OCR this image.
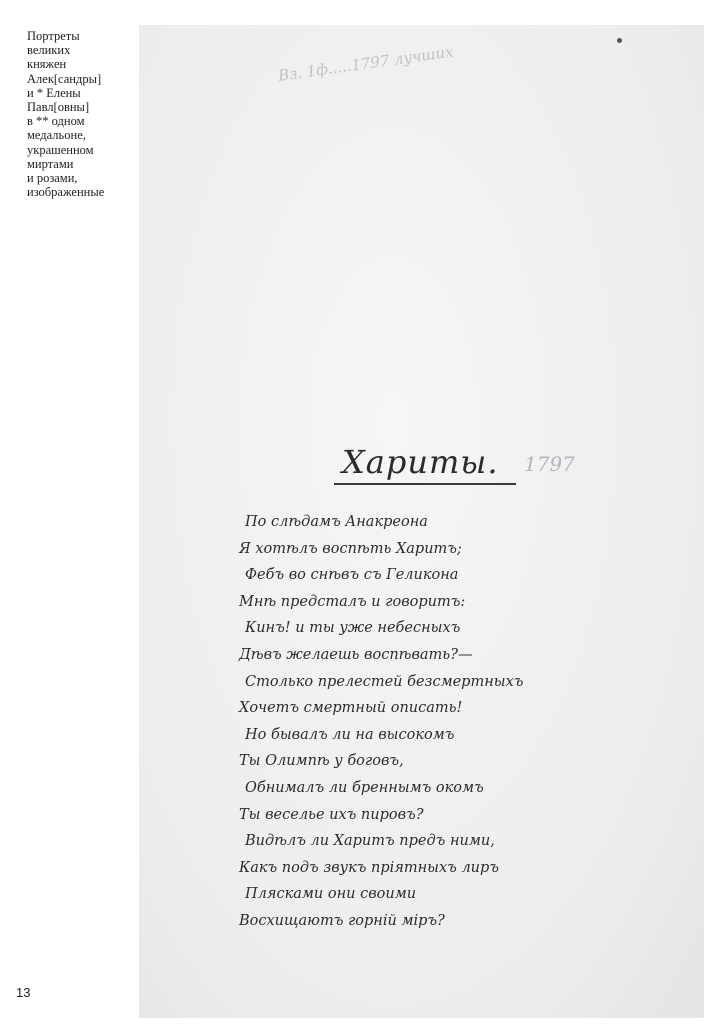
Портреты
великих
княжен
Алек[сандры]
и * Елены
Павл[овны]
в ** одном
медальоне,
украшенном
миртами
и розами,
изображенные
13
Вз. 1ф.....1797 лучших
Хариты. 1797
По слѣдамъ Анакреона
Я хотѣлъ воспѣть Харитъ;
Фебъ во снѣвъ съ Геликона
Мнѣ предсталъ и говоритъ:
Кинъ! и ты уже небесныхъ
Дѣвъ желаешь воспѣвать?—
Столько прелестей безсмертныхъ
Хочетъ смертный описать!
Но бывалъ ли на высокомъ
Ты Олимпѣ у боговъ,
Обнималъ ли бреннымъ окомъ
Ты веселье ихъ пировъ?
Видѣлъ ли Харитъ предъ ними,
Какъ подъ звукъ пріятныхъ лиръ
Плясками они своими
Восхищаютъ горній міръ?
